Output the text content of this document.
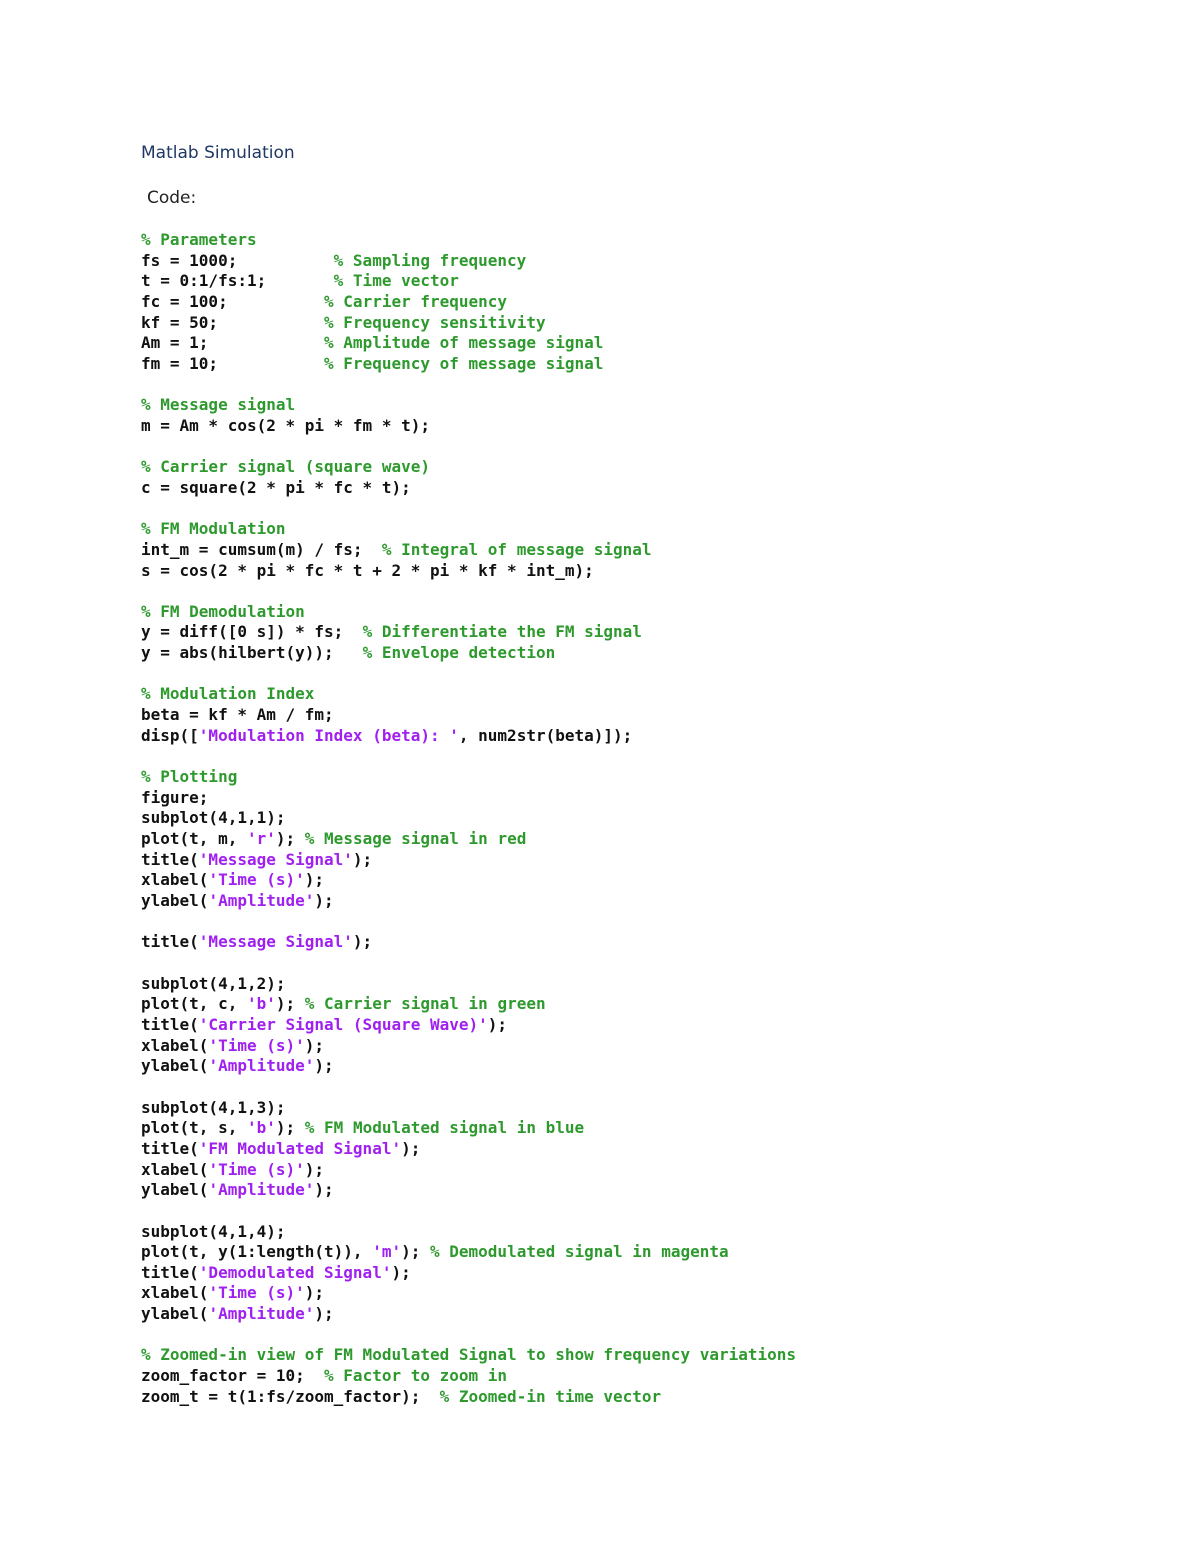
Matlab Simulation
Code:
% Parameters
fs = 1000;          % Sampling frequency
t = 0:1/fs:1;       % Time vector
fc = 100;          % Carrier frequency
kf = 50;           % Frequency sensitivity
Am = 1;            % Amplitude of message signal
fm = 10;           % Frequency of message signal
% Message signal
m = Am * cos(2 * pi * fm * t);
% Carrier signal (square wave)
c = square(2 * pi * fc * t);
% FM Modulation
int_m = cumsum(m) / fs;  % Integral of message signal
s = cos(2 * pi * fc * t + 2 * pi * kf * int_m);
% FM Demodulation
y = diff([0 s]) * fs;  % Differentiate the FM signal
y = abs(hilbert(y));   % Envelope detection
% Modulation Index
beta = kf * Am / fm;
disp(['Modulation Index (beta): ', num2str(beta)]);
% Plotting
figure;
subplot(4,1,1);
plot(t, m, 'r'); % Message signal in red
title('Message Signal');
xlabel('Time (s)');
ylabel('Amplitude');
title('Message Signal');
subplot(4,1,2);
plot(t, c, 'b'); % Carrier signal in green
title('Carrier Signal (Square Wave)');
xlabel('Time (s)');
ylabel('Amplitude');
subplot(4,1,3);
plot(t, s, 'b'); % FM Modulated signal in blue
title('FM Modulated Signal');
xlabel('Time (s)');
ylabel('Amplitude');
subplot(4,1,4);
plot(t, y(1:length(t)), 'm'); % Demodulated signal in magenta
title('Demodulated Signal');
xlabel('Time (s)');
ylabel('Amplitude');
% Zoomed-in view of FM Modulated Signal to show frequency variations
zoom_factor = 10;  % Factor to zoom in
zoom_t = t(1:fs/zoom_factor);  % Zoomed-in time vector
